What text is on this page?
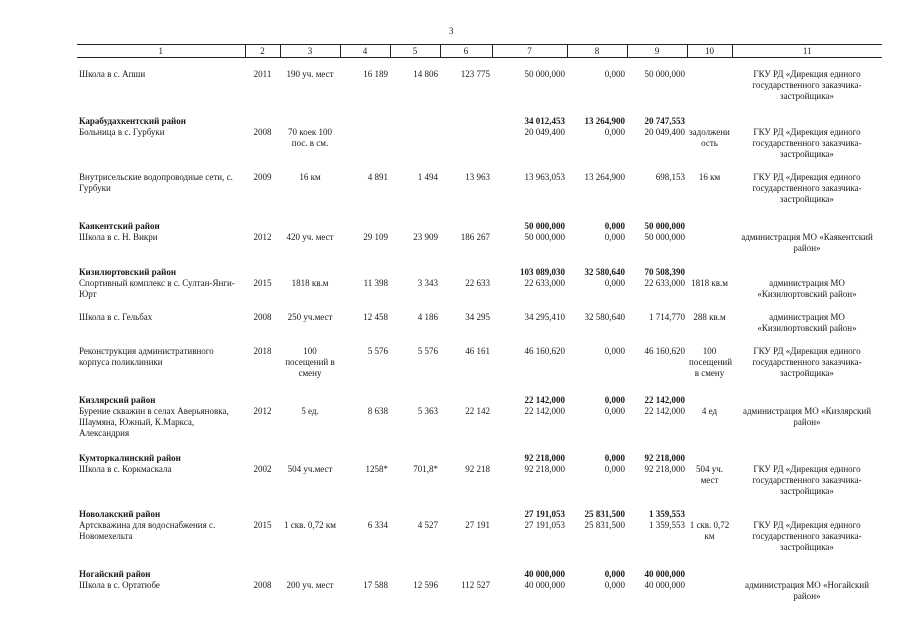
3
1	2	3	4	5	6	7	8	9	10	11
Школа в с. Апши	2011	190 уч. мест	16 189	14 806	123 775	50 000,000	0,000	50 000,000		ГКУ РД «Дирекция единого государственного заказчика-застройщика»
Карабудахкентский район						34 012,453	13 264,900	20 747,553		
Больница в с. Гурбуки	2008	70 коек 100 пос. в см.				20 049,400	0,000	20 049,400	задолжени ость	ГКУ РД «Дирекция единого государственного заказчика-застройщика»
Внутрисельские водопроводные сети, с. Гурбуки	2009	16 км	4 891	1 494	13 963	13 963,053	13 264,900	698,153	16 км	ГКУ РД «Дирекция единого государственного заказчика-застройщика»
Каякентский район						50 000,000	0,000	50 000,000		
Школа в с. Н. Викри	2012	420 уч. мест	29 109	23 909	186 267	50 000,000	0,000	50 000,000		администрация МО «Каякентский район»
Кизилюртовский район						103 089,030	32 580,640	70 508,390		
Спортивный комплекс в с. Султан-Янги-Юрт	2015	1818 кв.м	11 398	3 343	22 633	22 633,000	0,000	22 633,000	1818 кв.м	администрация МО «Кизилюртовский район»
Школа в с. Гельбах	2008	250 уч.мест	12 458	4 186	34 295	34 295,410	32 580,640	1 714,770	288 кв.м	администрация МО «Кизилюртовский район»
Реконструкция административного корпуса поликлиники	2018	100 посещений в смену	5 576	5 576	46 161	46 160,620	0,000	46 160,620	100 посещений в смену	ГКУ РД «Дирекция единого государственного заказчика-застройщика»
Кизлярский район						22 142,000	0,000	22 142,000		
Бурение скважин в селах Аверьяновка, Шаумяна, Южный, К.Маркса, Александрия	2012	5 ед.	8 638	5 363	22 142	22 142,000	0,000	22 142,000	4 ед	администрация МО «Кизлярский район»
Кумторкалинский район						92 218,000	0,000	92 218,000		
Школа в с. Коркмаскала	2002	504 уч.мест	1258*	701,8*	92 218	92 218,000	0,000	92 218,000	504 уч. мест	ГКУ РД «Дирекция единого государственного заказчика-застройщика»
Новолакский район						27 191,053	25 831,500	1 359,553		
Артскважина для водоснабжения с. Новомехельта	2015	1 скв. 0,72 км	6 334	4 527	27 191	27 191,053	25 831,500	1 359,553	1 скв. 0,72 км	ГКУ РД «Дирекция единого государственного заказчика-застройщика»
Ногайский район						40 000,000	0,000	40 000,000		
Школа в с. Ортатюбе	2008	200 уч. мест	17 588	12 596	112 527	40 000,000	0,000	40 000,000		администрация МО «Ногайский район»
